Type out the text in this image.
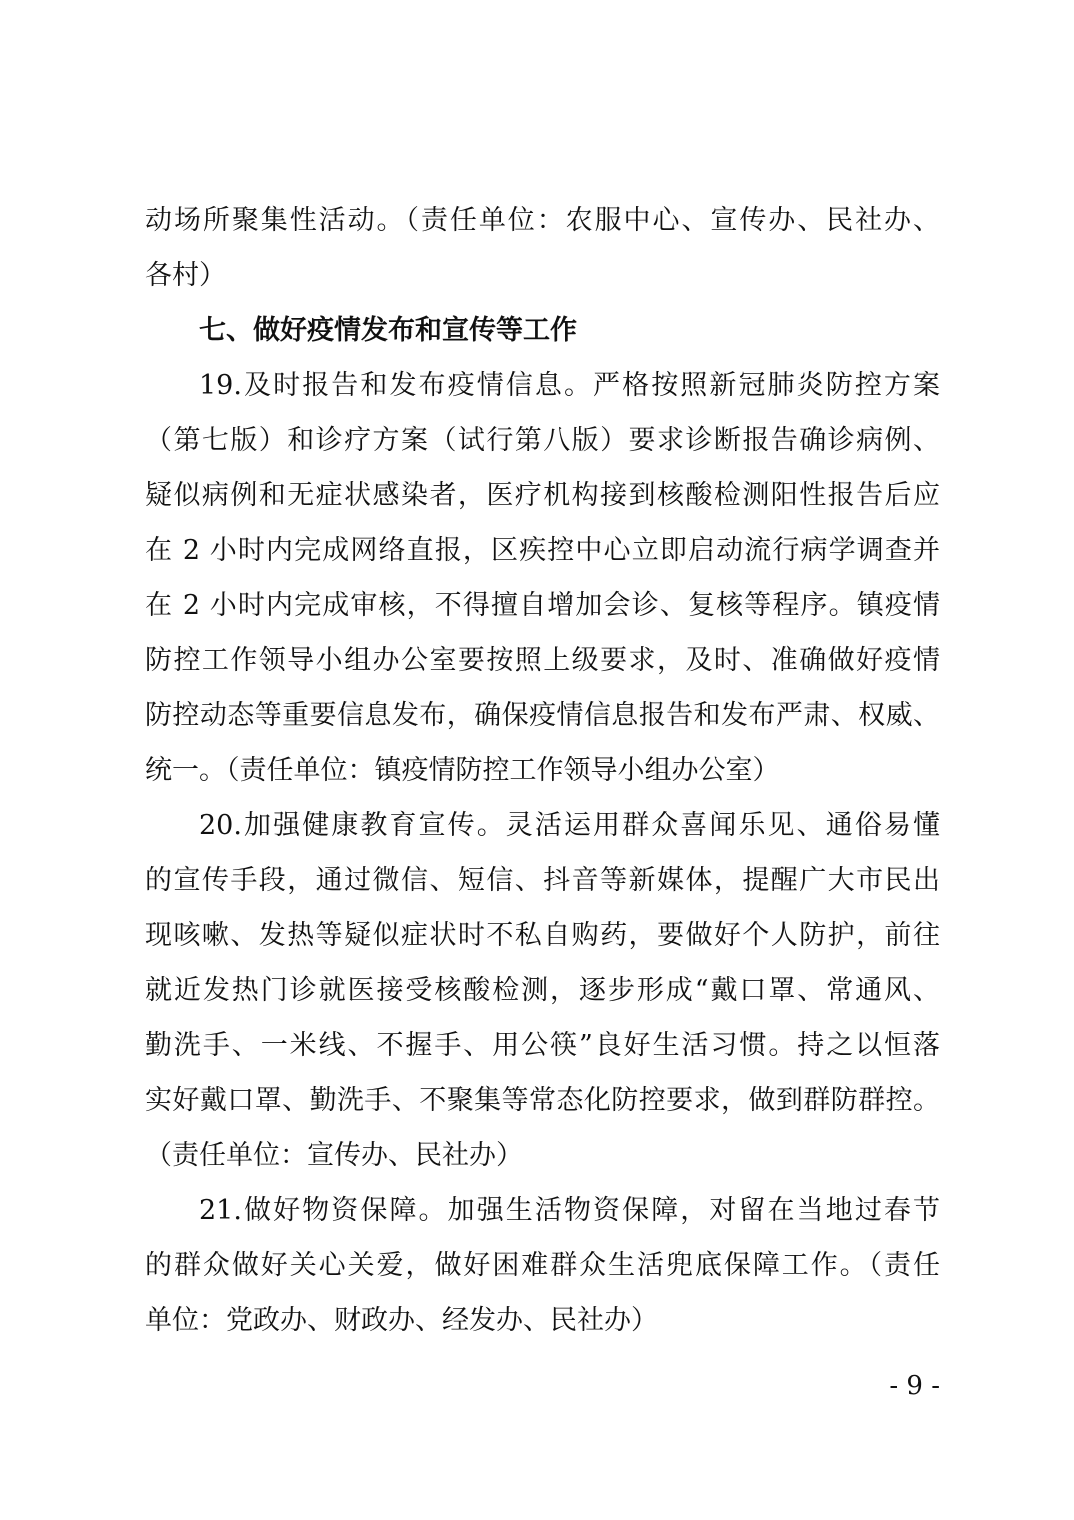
动场所聚集性活动。（责任单位：农服中心、宣传办、民社办、
各村）
七、做好疫情发布和宣传等工作
19.及时报告和发布疫情信息。严格按照新冠肺炎防控方案
（第七版）和诊疗方案（试行第八版）要求诊断报告确诊病例、
疑似病例和无症状感染者，医疗机构接到核酸检测阳性报告后应
在 2 小时内完成网络直报，区疾控中心立即启动流行病学调查并
在 2 小时内完成审核，不得擅自增加会诊、复核等程序。镇疫情
防控工作领导小组办公室要按照上级要求，及时、准确做好疫情
防控动态等重要信息发布，确保疫情信息报告和发布严肃、权威、
统一。（责任单位：镇疫情防控工作领导小组办公室）
20.加强健康教育宣传。灵活运用群众喜闻乐见、通俗易懂
的宣传手段，通过微信、短信、抖音等新媒体，提醒广大市民出
现咳嗽、发热等疑似症状时不私自购药，要做好个人防护，前往
就近发热门诊就医接受核酸检测，逐步形成“戴口罩、常通风、
勤洗手、一米线、不握手、用公筷”良好生活习惯。持之以恒落
实好戴口罩、勤洗手、不聚集等常态化防控要求，做到群防群控。
（责任单位：宣传办、民社办）
21.做好物资保障。加强生活物资保障，对留在当地过春节
的群众做好关心关爱，做好困难群众生活兜底保障工作。（责任
单位：党政办、财政办、经发办、民社办）
- 9 -
